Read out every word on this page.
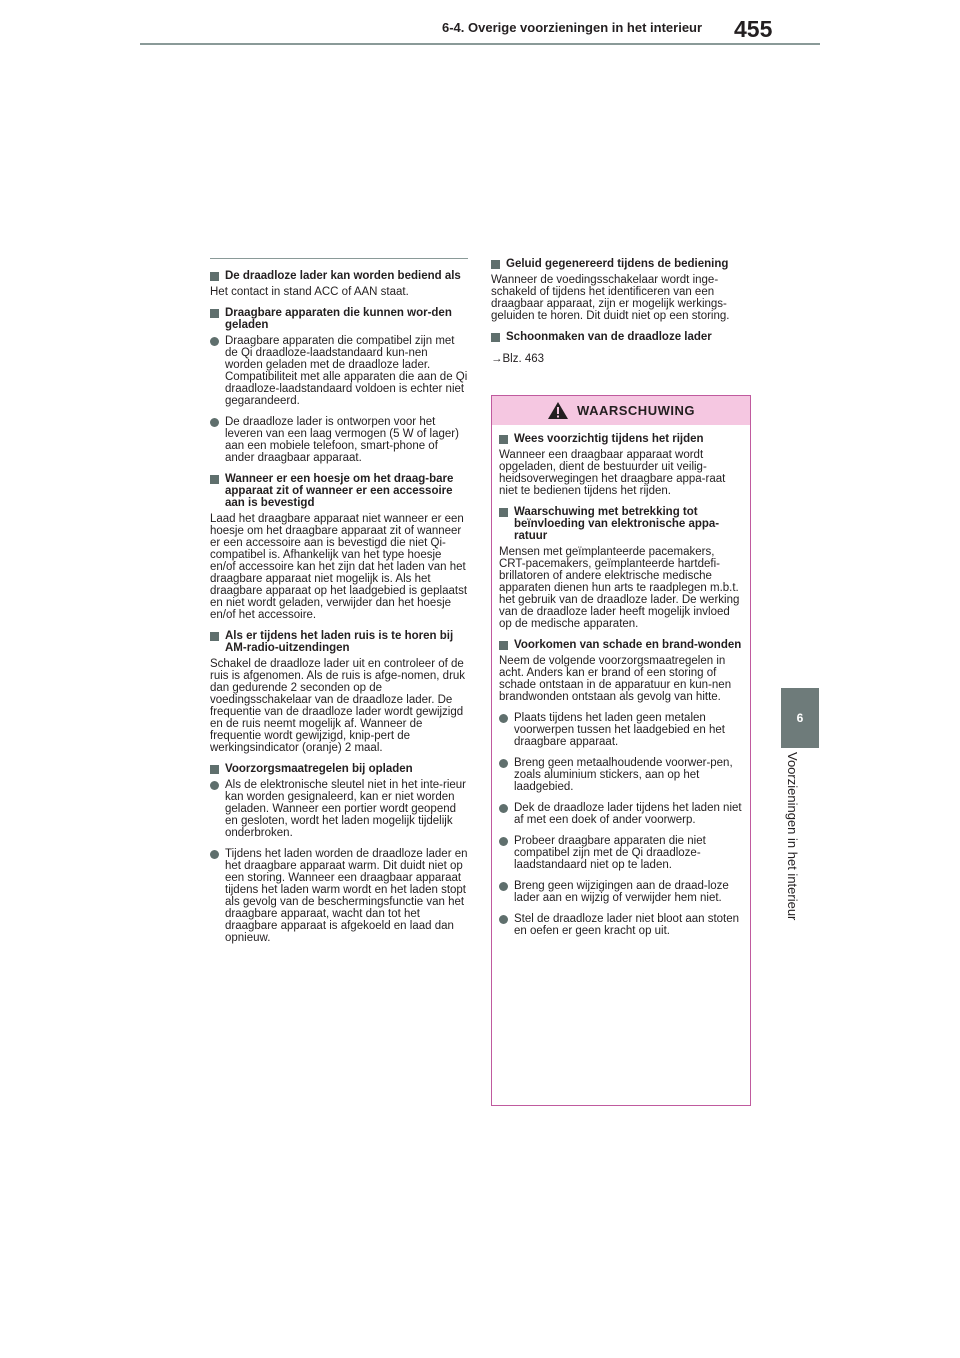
6-4. Overige voorzieningen in het interieur 455
6
Voorzieningen in het interieur
De draadloze lader kan worden bediend als
Het contact in stand ACC of AAN staat.
Draagbare apparaten die kunnen wor-den geladen
Draagbare apparaten die compatibel zijn met de Qi draadloze-laadstandaard kun-nen worden geladen met de draadloze lader. Compatibiliteit met alle apparaten die aan de Qi draadloze-laadstandaard voldoen is echter niet gegarandeerd.
De draadloze lader is ontworpen voor het leveren van een laag vermogen (5 W of lager) aan een mobiele telefoon, smart-phone of ander draagbaar apparaat.
Wanneer er een hoesje om het draag-bare apparaat zit of wanneer er een accessoire aan is bevestigd
Laad het draagbare apparaat niet wanneer er een hoesje om het draagbare apparaat zit of wanneer er een accessoire aan is bevestigd die niet Qi-compatibel is. Afhankelijk van het type hoesje en/of accessoire kan het zijn dat het laden van het draagbare apparaat niet mogelijk is. Als het draagbare apparaat op het laadgebied is geplaatst en niet wordt geladen, verwijder dan het hoesje en/of het accessoire.
Als er tijdens het laden ruis is te horen bij AM-radio-uitzendingen
Schakel de draadloze lader uit en controleer of de ruis is afgenomen. Als de ruis is afge-nomen, druk dan gedurende 2 seconden op de voedingsschakelaar van de draadloze lader. De frequentie van de draadloze lader wordt gewijzigd en de ruis neemt mogelijk af. Wanneer de frequentie wordt gewijzigd, knip-pert de werkingsindicator (oranje) 2 maal.
Voorzorgsmaatregelen bij opladen
Als de elektronische sleutel niet in het inte-rieur kan worden gesignaleerd, kan er niet worden geladen. Wanneer een portier wordt geopend en gesloten, wordt het laden mogelijk tijdelijk onderbroken.
Tijdens het laden worden de draadloze lader en het draagbare apparaat warm. Dit duidt niet op een storing. Wanneer een draagbaar apparaat tijdens het laden warm wordt en het laden stopt als gevolg van de beschermingsfunctie van het draagbare apparaat, wacht dan tot het draagbare apparaat is afgekoeld en laad dan opnieuw.
Geluid gegenereerd tijdens de bediening
Wanneer de voedingsschakelaar wordt inge-schakeld of tijdens het identificeren van een draagbaar apparaat, zijn er mogelijk werkings-geluiden te horen. Dit duidt niet op een storing.
Schoonmaken van de draadloze lader
→Blz. 463
WAARSCHUWING
Wees voorzichtig tijdens het rijden
Wanneer een draagbaar apparaat wordt opgeladen, dient de bestuurder uit veilig-heidsoverwegingen het draagbare appa-raat niet te bedienen tijdens het rijden.
Waarschuwing met betrekking tot beïnvloeding van elektronische appa-ratuur
Mensen met geïmplanteerde pacemakers, CRT-pacemakers, geïmplanteerde hartdefi-brillatoren of andere elektrische medische apparaten dienen hun arts te raadplegen m.b.t. het gebruik van de draadloze lader. De werking van de draadloze lader heeft mogelijk invloed op de medische apparaten.
Voorkomen van schade en brand-wonden
Neem de volgende voorzorgsmaatregelen in acht. Anders kan er brand of een storing of schade ontstaan in de apparatuur en kun-nen brandwonden ontstaan als gevolg van hitte.
Plaats tijdens het laden geen metalen voorwerpen tussen het laadgebied en het draagbare apparaat.
Breng geen metaalhoudende voorwer-pen, zoals aluminium stickers, aan op het laadgebied.
Dek de draadloze lader tijdens het laden niet af met een doek of ander voorwerp.
Probeer draagbare apparaten die niet compatibel zijn met de Qi draadloze-laadstandaard niet op te laden.
Breng geen wijzigingen aan de draad-loze lader aan en wijzig of verwijder hem niet.
Stel de draadloze lader niet bloot aan stoten en oefen er geen kracht op uit.
